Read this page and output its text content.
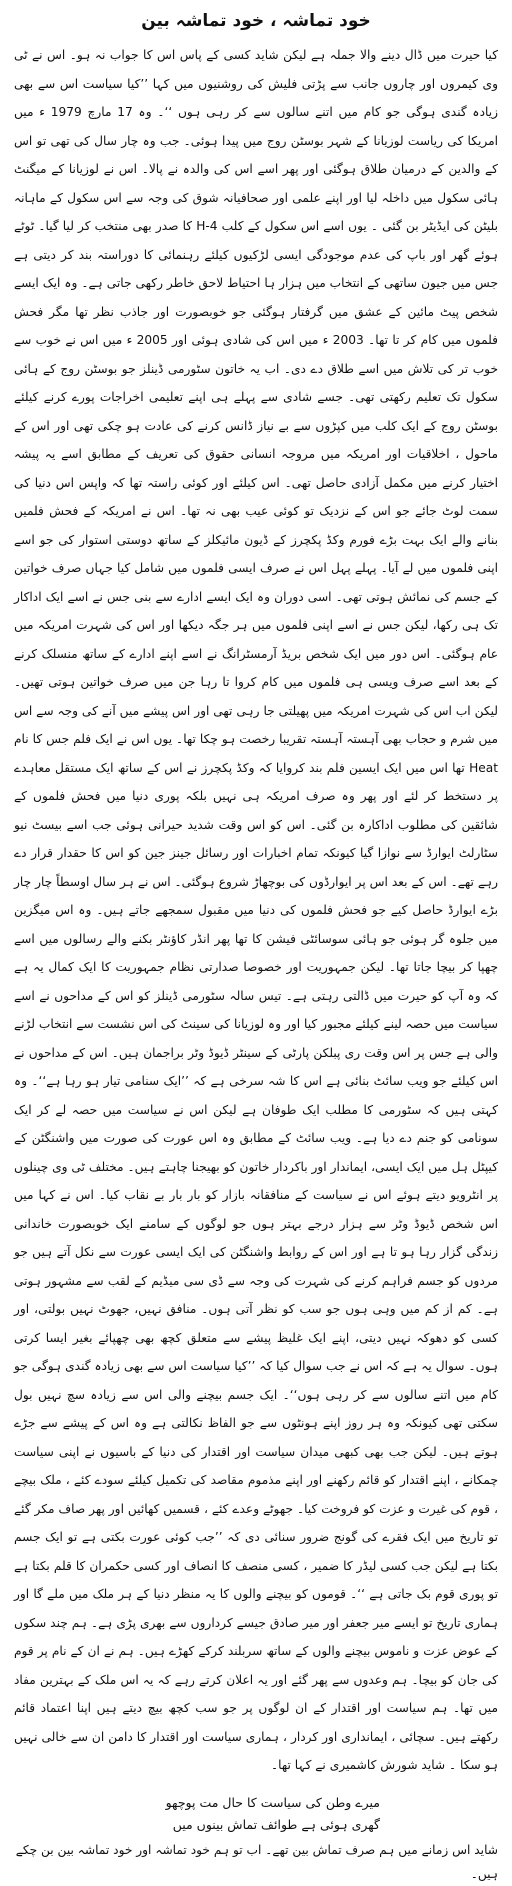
خود تماشہ ، خود تماشہ بین

کیا حیرت میں ڈال دینے والا جملہ ہے لیکن شاید کسی کے پاس اس کا جواب نہ ہو۔ اس نے ٹی وی کیمروں اور چاروں جانب سے پڑتی فلیش کی روشنیوں میں کہا ’’کیا سیاست اس سے بھی زیادہ گندی ہوگی جو کام میں اتنے سالوں سے کر رہی ہوں ‘‘۔ وہ 17 مارچ 1979 ء میں امریکا کی ریاست لوزیانا کے شہر بوسٹن روج میں پیدا ہوئی۔ جب وہ چار سال کی تھی تو اس کے والدین کے درمیان طلاق ہوگئی اور پھر اسے اس کی والدہ نے پالا۔ اس نے لوزیانا کے میگنٹ ہائی سکول میں داخلہ لیا اور اپنے علمی اور صحافیانہ شوق کی وجہ سے اس سکول کے ماہانہ بلیٹن کی ایڈیٹر بن گئی ۔ یوں اسے اس سکول کے کلب 4-H کا صدر بھی منتخب کر لیا گیا۔ ٹوٹے ہوئے گھر اور باپ کی عدم موجودگی ایسی لڑکیوں کیلئے رہنمائی کا دوراستہ بند کر دیتی ہے جس میں جیون ساتھی کے انتخاب میں ہزار ہا احتیاط لاحق خاطر رکھی جاتی ہے۔ وہ ایک ایسے شخص پیٹ مائین کے عشق میں گرفتار ہوگئی جو خوبصورت اور جاذب نظر تھا مگر فحش فلموں میں کام کر تا تھا۔ 2003 ء میں اس کی شادی ہوئی اور 2005 ء میں اس نے خوب سے خوب تر کی تلاش میں اسے طلاق دے دی۔ اب یہ خاتون سٹورمی ڈینلز جو بوسٹن روج کے ہائی سکول تک تعلیم رکھتی تھی۔ جسے شادی سے پہلے ہی اپنے تعلیمی اخراجات پورے کرنے کیلئے بوسٹن روج کے ایک کلب میں کپڑوں سے بے نیاز ڈانس کرنے کی عادت ہو چکی تھی اور اس کے ماحول ، اخلاقیات اور امریکہ میں مروجہ انسانی حقوق کی تعریف کے مطابق اسے یہ پیشہ اختیار کرنے میں مکمل آزادی حاصل تھی۔ اس کیلئے اور کوئی راستہ تھا کہ واپس اس دنیا کی سمت لوٹ جائے جو اس کے نزدیک تو کوئی عیب بھی نہ تھا۔ اس نے امریکہ کے فحش فلمیں بنانے والے ایک بہت بڑے فورم وکڈ پکچرز کے ڈیون مائیکلز کے ساتھ دوستی استوار کی جو اسے اپنی فلموں میں لے آیا۔ پہلے پہل اس نے صرف ایسی فلموں میں شامل کیا جہاں صرف خواتین کے جسم کی نمائش ہوتی تھی۔ اسی دوران وہ ایک ایسے ادارے سے بنی جس نے اسے ایک اداکار تک ہی رکھا، لیکن جس نے اسے اپنی فلموں میں ہر جگہ دیکھا اور اس کی شہرت امریکہ میں عام ہوگئی۔ اس دور میں ایک شخص بریڈ آرمسٹرانگ نے اسے اپنے ادارے کے ساتھ منسلک کرنے کے بعد اسے صرف ویسی ہی فلموں میں کام کروا تا رہا جن میں صرف خواتین ہوتی تھیں۔ لیکن اب اس کی شہرت امریکہ میں پھیلتی جا رہی تھی اور اس پیشے میں آنے کی وجہ سے اس میں شرم و حجاب بھی آہستہ آہستہ تقریبا رخصت ہو چکا تھا۔ یوں اس نے ایک فلم جس کا نام Heat تھا اس میں ایک ایسین فلم بند کروایا کہ وکڈ پکچرز نے اس کے ساتھ ایک مستقل معاہدے پر دستخط کر لئے اور پھر وہ صرف امریکہ ہی نہیں بلکہ پوری دنیا میں فحش فلموں کے شائقین کی مطلوب اداکارہ بن گئی۔ اس کو اس وقت شدید حیرانی ہوئی جب اسے بیسٹ نیو سٹارلٹ ایوارڈ سے نوازا گیا کیونکہ تمام اخبارات اور رسائل جینز جین کو اس کا حقدار قرار دے رہے تھے۔ اس کے بعد اس پر ایوارڈوں کی بوچھاڑ شروع ہوگئی۔ اس نے ہر سال اوسطاً چار چار بڑے ایوارڈ حاصل کیے جو فحش فلموں کی دنیا میں مقبول سمجھے جاتے ہیں۔ وہ اس میگزین میں جلوہ گر ہوئی جو ہائی سوسائٹی فیشن کا تھا پھر انڈر کاؤنٹر بکنے والے رسالوں میں اسے چھپا کر بیچا جاتا تھا۔ لیکن جمہوریت اور خصوصا صدارتی نظام جمہوریت کا ایک کمال یہ ہے کہ وہ آپ کو حیرت میں ڈالتی رہتی ہے۔ تیس سالہ سٹورمی ڈینلز کو اس کے مداحوں نے اسے سیاست میں حصہ لینے کیلئے مجبور کیا اور وہ لوزیانا کی سینٹ کی اس نشست سے انتخاب لڑنے والی ہے جس پر اس وقت ری پبلکن پارٹی کے سینٹر ڈیوڈ وٹر براجمان ہیں۔ اس کے مداحوں نے اس کیلئے جو ویب سائٹ بنائی ہے اس کا شہ سرخی ہے کہ ’’ایک سنامی تیار ہو رہا ہے‘‘۔ وہ کہتی ہیں کہ سٹورمی کا مطلب ایک طوفان ہے لیکن اس نے سیاست میں حصہ لے کر ایک سونامی کو جنم دے دیا ہے۔ ویب سائٹ کے مطابق وہ اس عورت کی صورت میں واشنگٹن کے کیپٹل ہل میں ایک ایسی، ایماندار اور باکردار خاتون کو بھیجنا چاہتے ہیں۔ مختلف ٹی وی چینلوں پر انٹرویو دیتے ہوئے اس نے سیاست کے منافقانہ بازار کو بار بار بے نقاب کیا۔ اس نے کہا میں اس شخص ڈیوڈ وٹر سے ہزار درجے بہتر ہوں جو لوگوں کے سامنے ایک خوبصورت خاندانی زندگی گزار رہا ہو تا ہے اور اس کے روابط واشنگٹن کی ایک ایسی عورت سے نکل آتے ہیں جو مردوں کو جسم فراہم کرنے کی شہرت کی وجہ سے ڈی سی میڈیم کے لقب سے مشہور ہوتی ہے۔ کم از کم میں وہی ہوں جو سب کو نظر آتی ہوں۔ منافق نہیں، جھوٹ نہیں بولتی، اور کسی کو دھوکہ نہیں دیتی، اپنے ایک غلیظ پیشے سے متعلق کچھ بھی چھپائے بغیر ایسا کرتی ہوں۔ سوال یہ ہے کہ اس نے جب سوال کیا کہ ’’کیا سیاست اس سے بھی زیادہ گندی ہوگی جو کام میں اتنے سالوں سے کر رہی ہوں‘‘۔ ایک جسم بیچنے والی اس سے زیادہ سچ نہیں بول سکتی تھی کیونکہ وہ ہر روز اپنے ہونٹوں سے جو الفاظ نکالتی ہے وہ اس کے پیشے سے جڑے ہوتے ہیں۔ لیکن جب بھی کبھی میدان سیاست اور اقتدار کی دنیا کے باسیوں نے اپنی سیاست چمکانے ، اپنے اقتدار کو قائم رکھنے اور اپنے مذموم مقاصد کی تکمیل کیلئے سودے کئے ، ملک بیچے ، قوم کی غیرت و عزت کو فروخت کیا۔ جھوٹے وعدے کئے ، قسمیں کھائیں اور پھر صاف مکر گئے تو تاریخ میں ایک فقرے کی گونج ضرور سنائی دی کہ ’’جب کوئی عورت بکتی ہے تو ایک جسم بکتا ہے لیکن جب کسی لیڈر کا ضمیر ، کسی منصف کا انصاف اور کسی حکمران کا قلم بکتا ہے تو پوری قوم بک جاتی ہے ‘‘۔ قوموں کو بیچنے والوں کا یہ منظر دنیا کے ہر ملک میں ملے گا اور ہماری تاریخ تو ایسے میر جعفر اور میر صادق جیسے کرداروں سے بھری پڑی ہے۔ ہم چند سکوں کے عوض عزت و ناموس بیچنے والوں کے ساتھ سربلند کرکے کھڑے ہیں۔ ہم نے ان کے نام پر قوم کی جان کو بیچا۔ ہم وعدوں سے پھر گئے اور یہ اعلان کرتے رہے کہ یہ اس ملک کے بہترین مفاد میں تھا۔ ہم سیاست اور اقتدار کے ان لوگوں پر جو سب کچھ بیچ دیتے ہیں اپنا اعتماد قائم رکھتے ہیں۔ سچائی ، ایمانداری اور کردار ، ہماری سیاست اور اقتدار کا دامن ان سے خالی نہیں ہو سکا ۔ شاید شورش کاشمیری نے کہا تھا۔

میرے وطن کی سیاست کا حال مت پوچھو
گھری ہوئی ہے طوائف تماش بینوں میں
شاید اس زمانے میں ہم صرف تماش بین تھے۔ اب تو ہم خود تماشہ اور خود تماشہ بین بن چکے ہیں۔
